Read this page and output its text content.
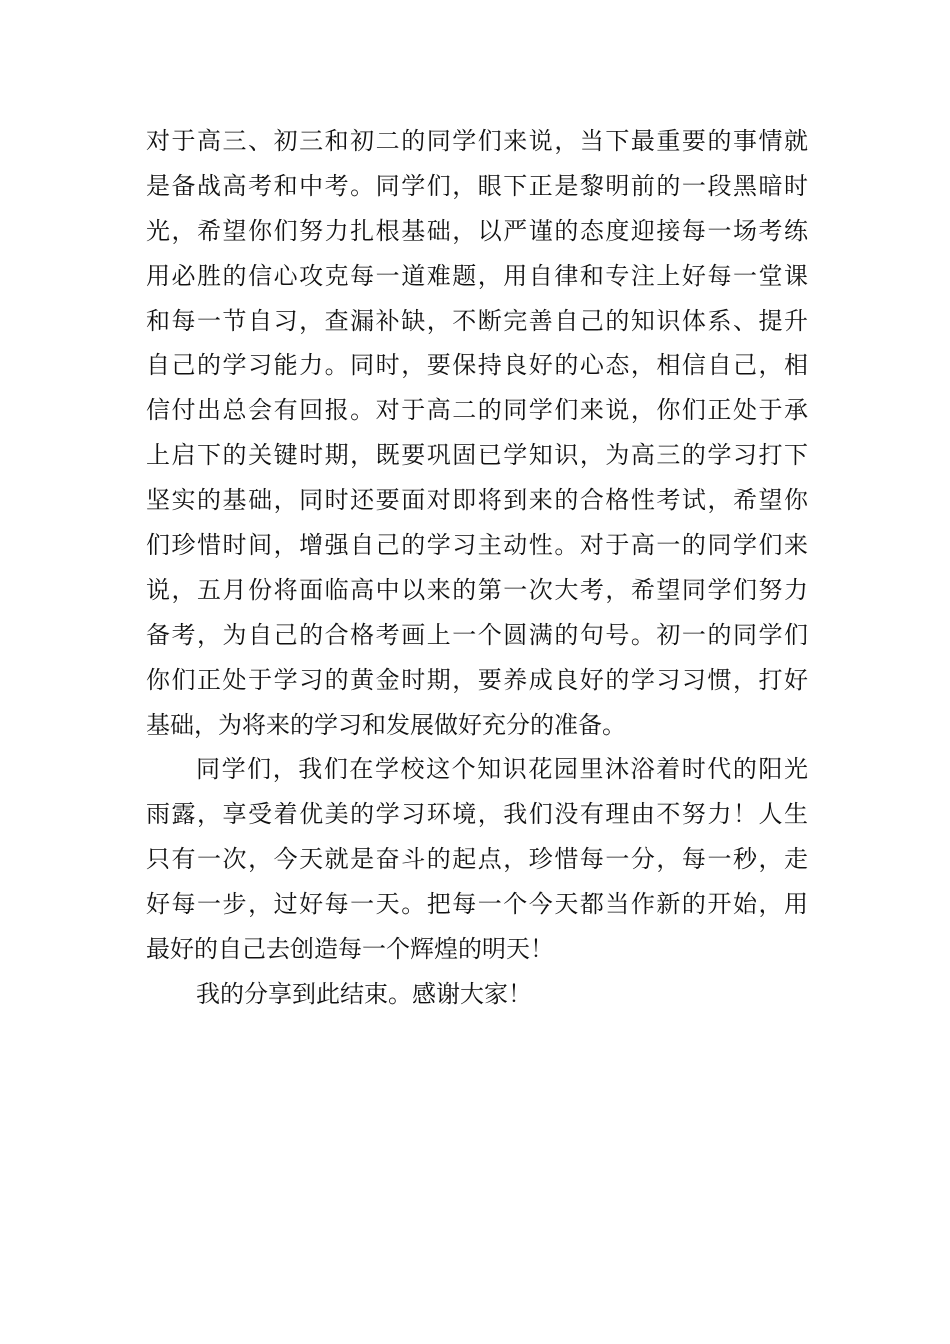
对于高三、初三和初二的同学们来说，当下最重要的事情就
是备战高考和中考。同学们，眼下正是黎明前的一段黑暗时
光，希望你们努力扎根基础，以严谨的态度迎接每一场考练
用必胜的信心攻克每一道难题，用自律和专注上好每一堂课
和每一节自习，查漏补缺，不断完善自己的知识体系、提升
自己的学习能力。同时，要保持良好的心态，相信自己，相
信付出总会有回报。对于高二的同学们来说，你们正处于承
上启下的关键时期，既要巩固已学知识，为高三的学习打下
坚实的基础，同时还要面对即将到来的合格性考试，希望你
们珍惜时间，增强自己的学习主动性。对于高一的同学们来
说，五月份将面临高中以来的第一次大考，希望同学们努力
备考，为自己的合格考画上一个圆满的句号。初一的同学们
你们正处于学习的黄金时期，要养成良好的学习习惯，打好
基础，为将来的学习和发展做好充分的准备。
同学们，我们在学校这个知识花园里沐浴着时代的阳光
雨露，享受着优美的学习环境，我们没有理由不努力！人生
只有一次，今天就是奋斗的起点，珍惜每一分，每一秒，走
好每一步，过好每一天。把每一个今天都当作新的开始，用
最好的自己去创造每一个辉煌的明天！
我的分享到此结束。感谢大家！
